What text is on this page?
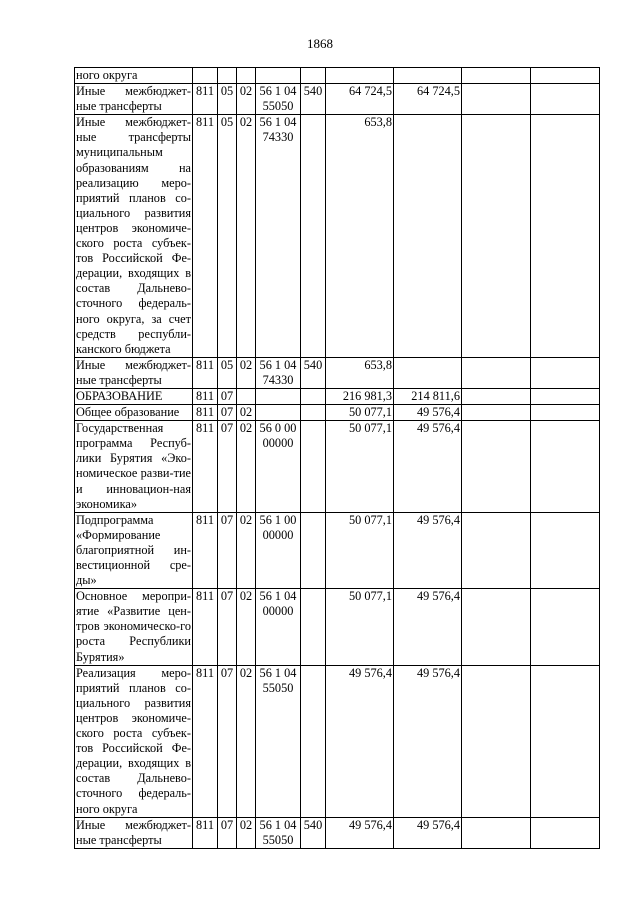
1868
ного округа									
Иные межбюджет-ные трансферты	811	05	02	56 1 04 55050	540	64 724,5	64 724,5		
Иные межбюджет-ные трансферты муниципальным образованиям на реализацию меро-приятий планов со-циального развития центров экономиче-ского роста субъек-тов Российской Фе-дерации, входящих в состав Дальнево-сточного федераль-ного округа, за счет средств республи-канского бюджета	811	05	02	56 1 04 74330		653,8			
Иные межбюджет-ные трансферты	811	05	02	56 1 04 74330	540	653,8			
ОБРАЗОВАНИЕ	811	07				216 981,3	214 811,6		
Общее образование	811	07	02			50 077,1	49 576,4		
Государственная программа Респуб-лики Бурятия «Эко-номическое разви-тие и инновацион-ная экономика»	811	07	02	56 0 00 00000		50 077,1	49 576,4		
Подпрограмма «Формирование благоприятной ин-вестиционной сре-ды»	811	07	02	56 1 00 00000		50 077,1	49 576,4		
Основное меропри-ятие «Развитие цен-тров экономическо-го роста Республики Бурятия»	811	07	02	56 1 04 00000		50 077,1	49 576,4		
Реализация меро-приятий планов со-циального развития центров экономиче-ского роста субъек-тов Российской Фе-дерации, входящих в состав Дальнево-сточного федераль-ного округа	811	07	02	56 1 04 55050		49 576,4	49 576,4		
Иные межбюджет-ные трансферты	811	07	02	56 1 04 55050	540	49 576,4	49 576,4		
